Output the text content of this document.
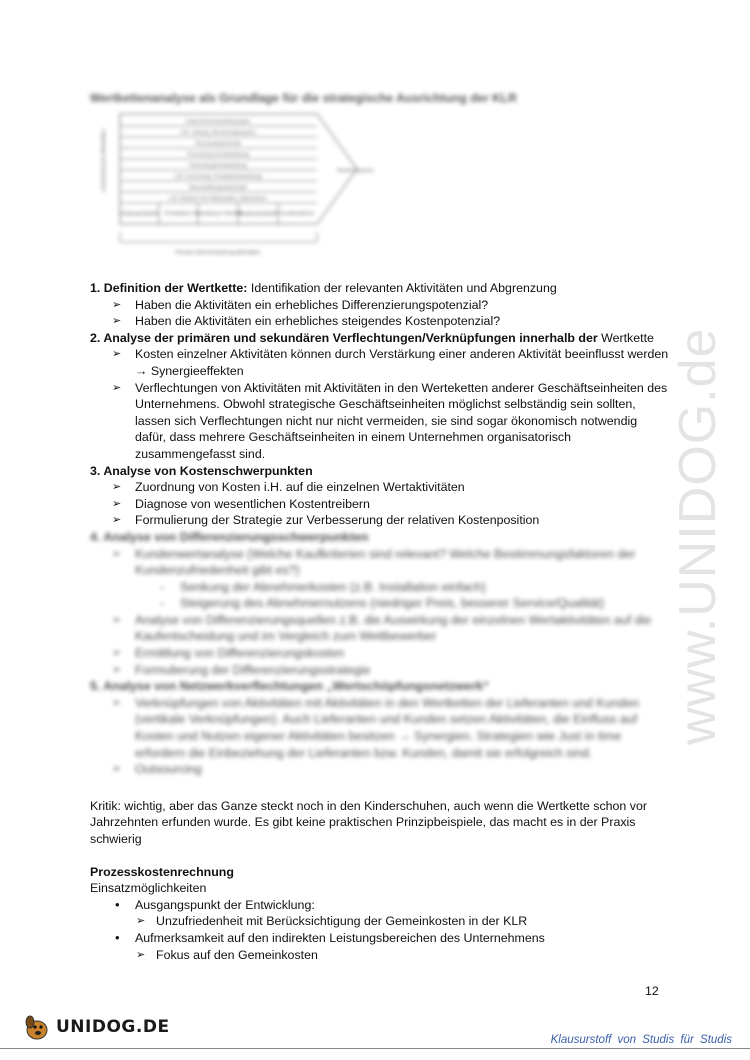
www.UNIDOG.de
Wertkettenanalyse als Grundlage für die strategische Ausrichtung der KLR
Unternehmensinfrastruktur
z.B. Leitung, Rechnungswesen
Personalwirtschaft
Forschung & Entwicklung
Technologieentwicklung
z.B. Forschung, Produktentwicklung
Beschaffungswirtschaft
z.B. Einkauf von Materialien, Maschinen
Eingangslogistik Produktion Marketing & Vertrieb
Ausgangslogistik Kundendienst
unterstützende Aktivitäten	Gewinnspanne
Primäre Wertschöpfungsaktivitäten

1. Definition der Wertkette: Identifikation der relevanten Aktivitäten und Abgrenzung

➢ Haben die Aktivitäten ein erhebliches Differenzierungspotenzial?
➢ Haben die Aktivitäten ein erhebliches steigendes Kostenpotenzial?

2. Analyse der primären und sekundären Verflechtungen/Verknüpfungen innerhalb der Wertkette

➢ Kosten einzelner Aktivitäten können durch Verstärkung einer anderen Aktivität beeinflusst werden → Synergieeffekten
➢ Verflechtungen von Aktivitäten mit Aktivitäten in den Werteketten anderer Geschäftseinheiten des Unternehmens. Obwohl strategische Geschäftseinheiten möglichst selbständig sein sollten, lassen sich Verflechtungen nicht nur nicht vermeiden, sie sind sogar ökonomisch notwendig dafür, dass mehrere Geschäftseinheiten in einem Unternehmen organisatorisch zusammengefasst sind.

3. Analyse von Kostenschwerpunkten

➢ Zuordnung von Kosten i.H. auf die einzelnen Wertaktivitäten
➢ Diagnose von wesentlichen Kostentreibern
➢ Formulierung der Strategie zur Verbesserung der relativen Kostenposition

4. Analyse von Differenzierungsschwerpunkten

➢ Kundenwertanalyse (Welche Kaufkriterien sind relevant? Welche Bestimmungsfaktoren der Kundenzufriedenheit gibt es?)
- Senkung der Abnehmerkosten (z.B. Installation einfach)
- Steigerung des Abnehmernutzens (niedriger Preis, besserer Service/Qualität)
➢ Analyse von Differenzierungsquellen z.B. die Auswirkung der einzelnen Wertaktivitäten auf die Kaufentscheidung und im Vergleich zum Wettbewerber
➢ Ermittlung von Differenzierungskosten
➢ Formulierung der Differenzierungsstrategie

5. Analyse von Netzwerkverflechtungen „Wertschöpfungsnetzwerk“

➢ Verknüpfungen von Aktivitäten mit Aktivitäten in den Wertketten der Lieferanten und Kunden (vertikale Verknüpfungen). Auch Lieferanten und Kunden setzen Aktivitäten, die Einfluss auf Kosten und Nutzen eigener Aktivitäten besitzen → Synergien. Strategien wie Just in time erfordern die Einbeziehung der Lieferanten bzw. Kunden, damit sie erfolgreich sind.
➢ Outsourcing

Kritik: wichtig, aber das Ganze steckt noch in den Kinderschuhen, auch wenn die Wertkette schon vor Jahrzehnten erfunden wurde. Es gibt keine praktischen Prinzipbeispiele, das macht es in der Praxis schwierig

Prozesskostenrechnung

Einsatzmöglichkeiten

• Ausgangspunkt der Entwicklung:
➢ Unzufriedenheit mit Berücksichtigung der Gemeinkosten in der KLR
• Aufmerksamkeit auf den indirekten Leistungsbereichen des Unternehmens
➢ Fokus auf den Gemeinkosten
12
UNIDOG.DE
Klausurstoff von Studis für Studis
